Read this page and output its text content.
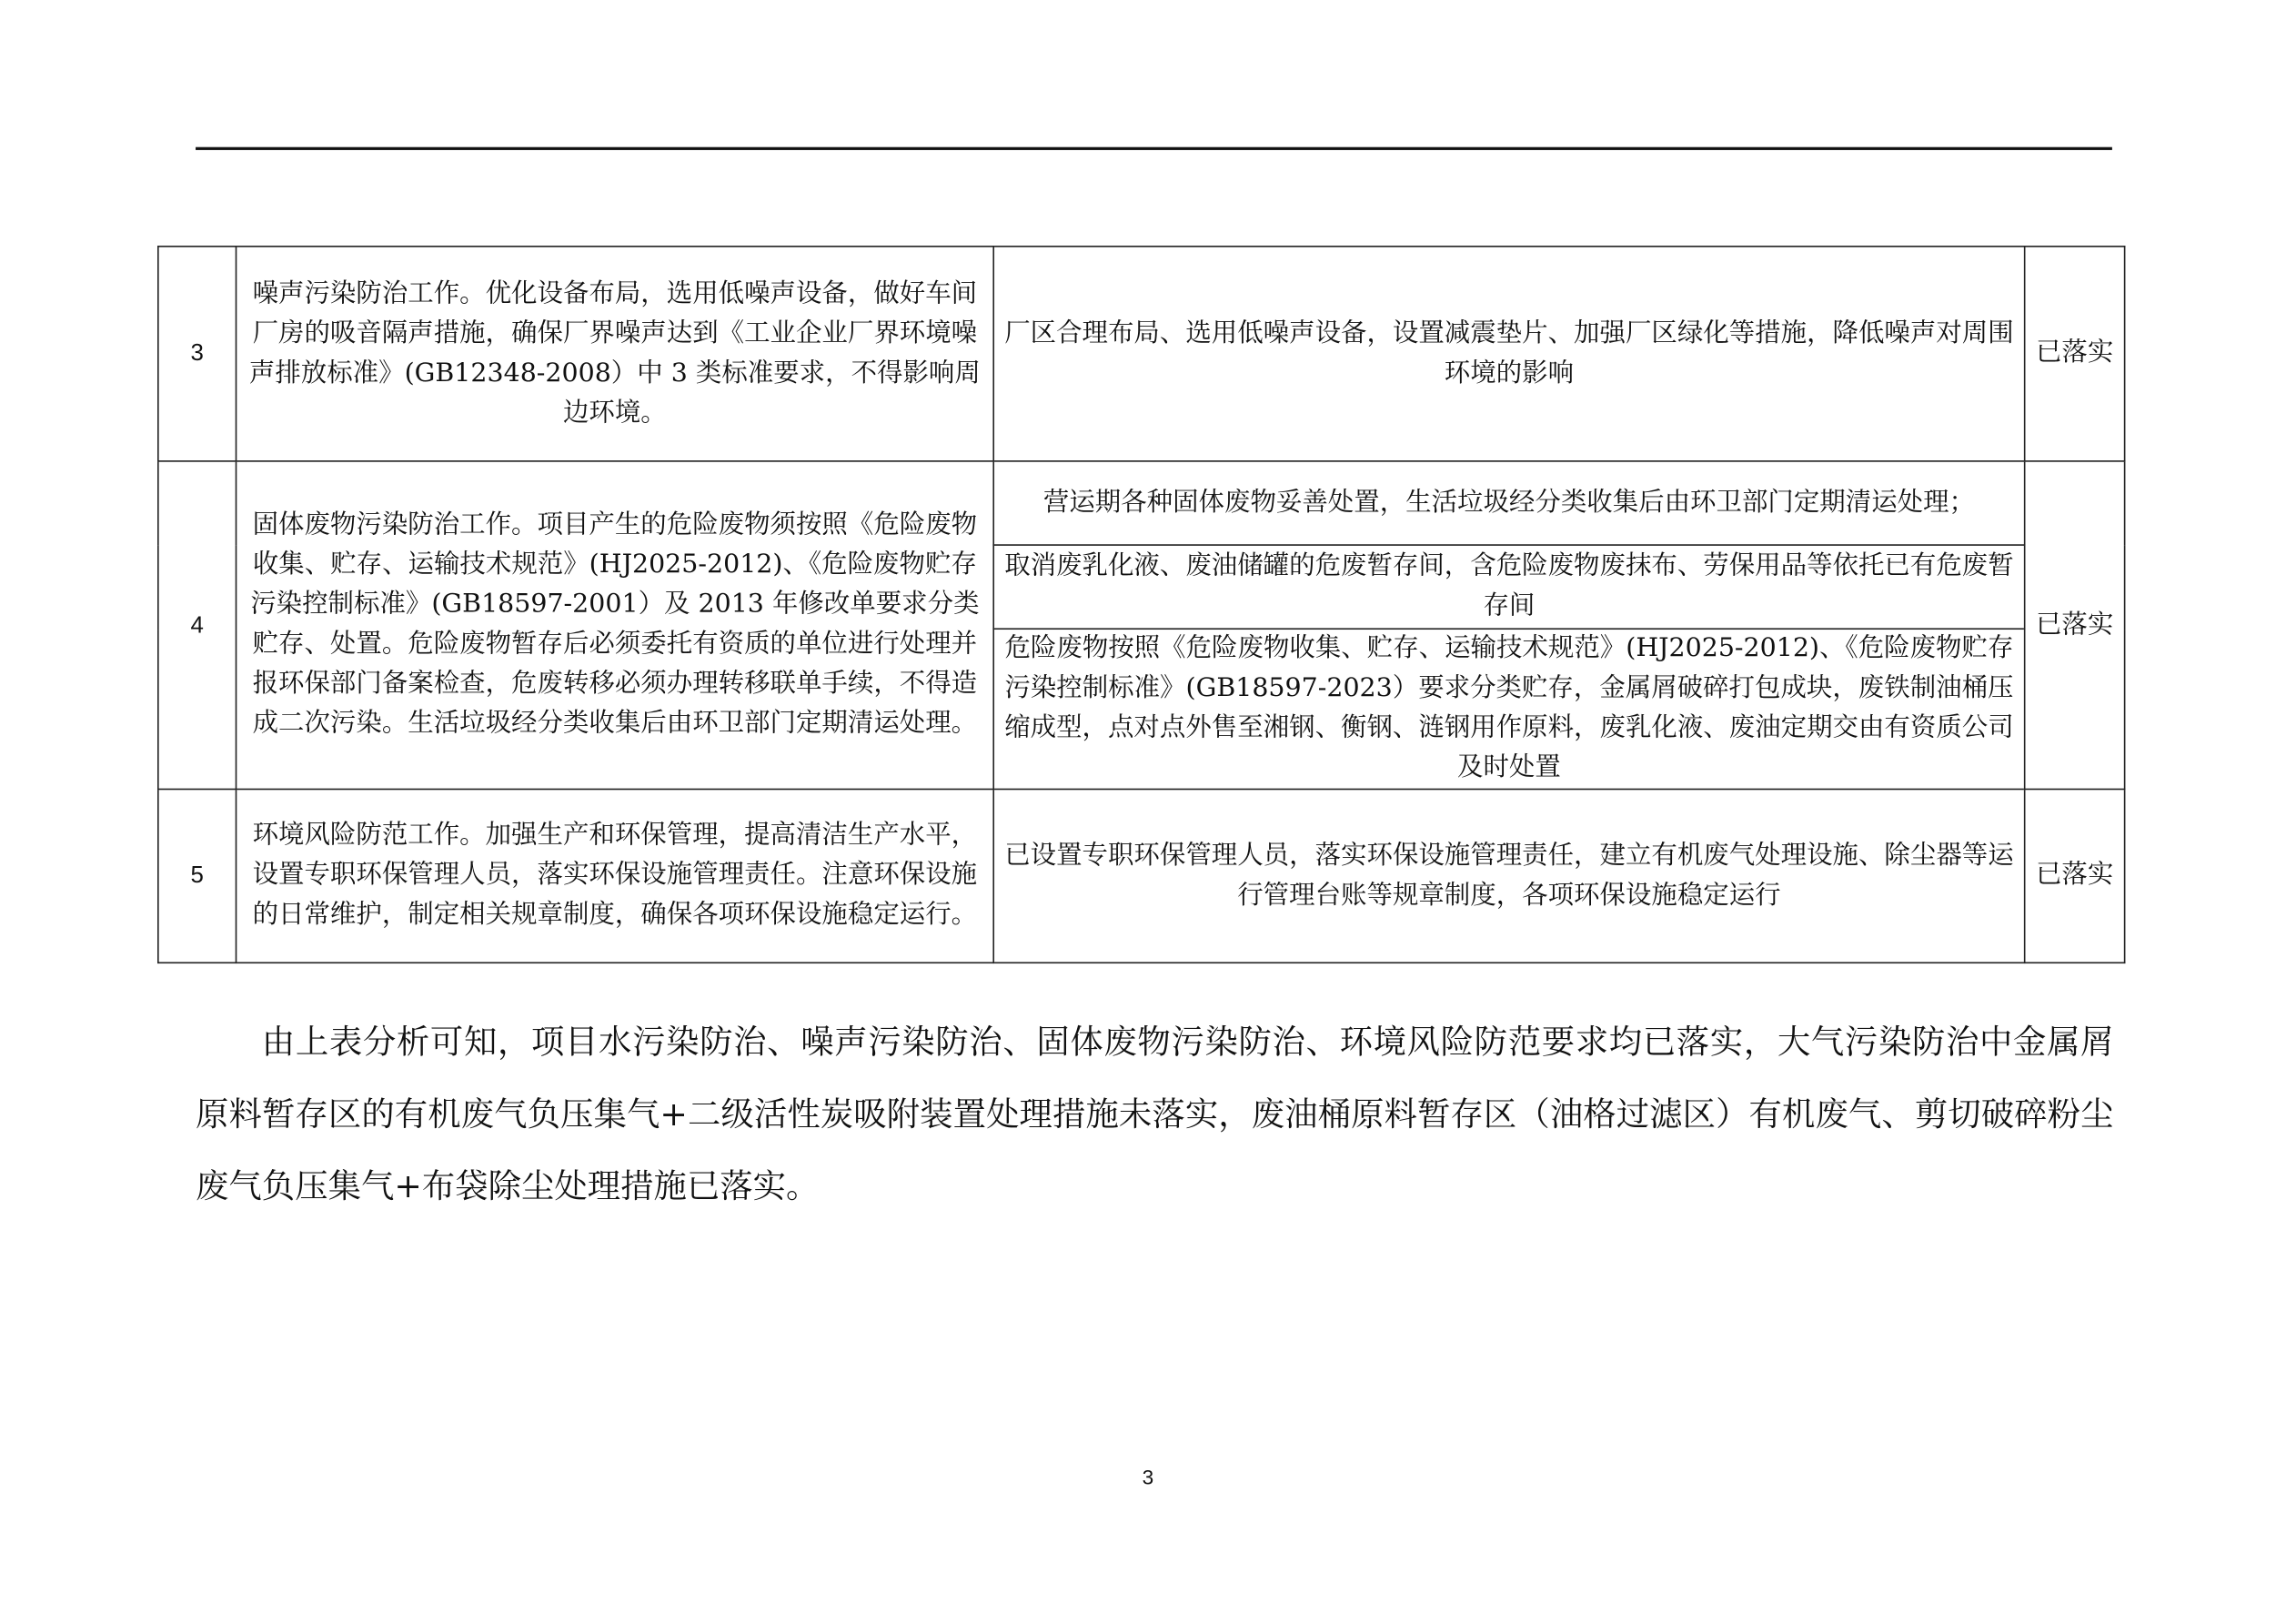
3	噪声污染防治工作。优化设备布局，选用低噪声设备，做好车间厂房的吸音隔声措施，确保厂界噪声达到《工业企业厂界环境噪声排放标准》(GB12348-2008）中 3 类标准要求，不得影响周边环境。	厂区合理布局、选用低噪声设备，设置减震垫片、加强厂区绿化等措施，降低噪声对周围环境的影响	已落实
4	固体废物污染防治工作。项目产生的危险废物须按照《危险废物收集、贮存、运输技术规范》(HJ2025-2012)、《危险废物贮存污染控制标准》(GB18597-2001）及 2013 年修改单要求分类贮存、处置。危险废物暂存后必须委托有资质的单位进行处理并报环保部门备案检查，危废转移必须办理转移联单手续，不得造成二次污染。生活垃圾经分类收集后由环卫部门定期清运处理。	营运期各种固体废物妥善处置，生活垃圾经分类收集后由环卫部门定期清运处理；	已落实
		取消废乳化液、废油储罐的危废暂存间，含危险废物废抹布、劳保用品等依托已有危废暂存间	
		危险废物按照《危险废物收集、贮存、运输技术规范》(HJ2025-2012)、《危险废物贮存污染控制标准》(GB18597-2023）要求分类贮存，金属屑破碎打包成块，废铁制油桶压缩成型，点对点外售至湘钢、衡钢、涟钢用作原料，废乳化液、废油定期交由有资质公司及时处置	
5	环境风险防范工作。加强生产和环保管理，提高清洁生产水平，设置专职环保管理人员，落实环保设施管理责任。注意环保设施的日常维护，制定相关规章制度，确保各项环保设施稳定运行。	已设置专职环保管理人员，落实环保设施管理责任，建立有机废气处理设施、除尘器等运行管理台账等规章制度，各项环保设施稳定运行	已落实

由上表分析可知，项目水污染防治、噪声污染防治、固体废物污染防治、环境风险防范要求均已落实，大气污染防治中金属屑原料暂存区的有机废气负压集气+二级活性炭吸附装置处理措施未落实，废油桶原料暂存区（油格过滤区）有机废气、剪切破碎粉尘废气负压集气+布袋除尘处理措施已落实。

3
